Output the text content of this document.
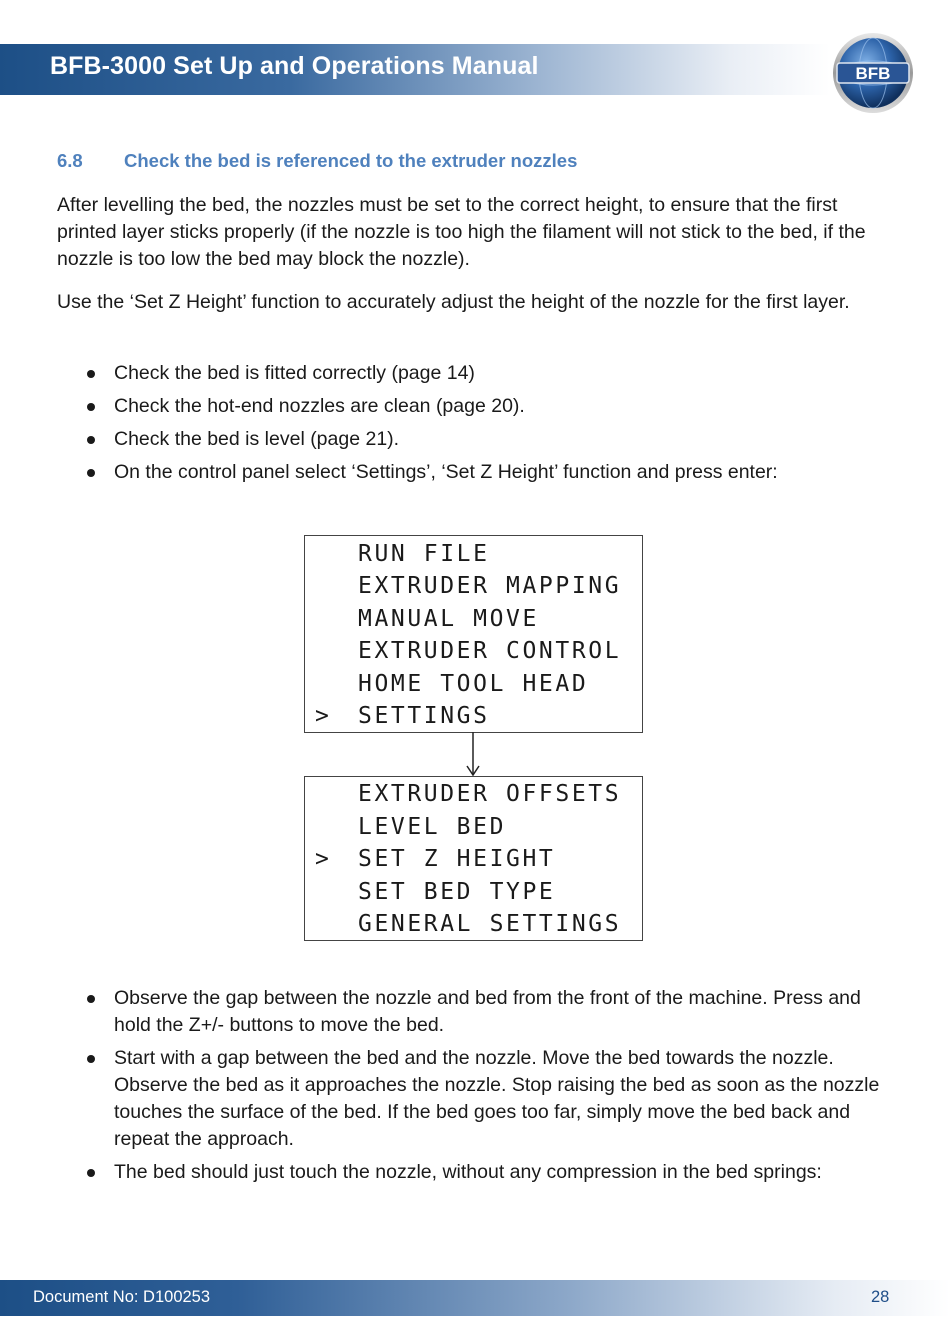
BFB-3000 Set Up and Operations Manual	BFB
6.8 Check the bed is referenced to the extruder nozzles

After levelling the bed, the nozzles must be set to the correct height, to ensure that the first printed layer sticks properly (if the nozzle is too high the filament will not stick to the bed, if the nozzle is too low the bed may block the nozzle).

Use the ‘Set Z Height’ function to accurately adjust the height of the nozzle for the first layer.

Check the bed is fitted correctly (page 14)
Check the hot-end nozzles are clean (page 20).
Check the bed is level (page 21).
On the control panel select ‘Settings’, ‘Set Z Height’ function and press enter:
RUN FILE
EXTRUDER MAPPING
MANUAL MOVE
EXTRUDER CONTROL
HOME TOOL HEAD
> SETTINGS
EXTRUDER OFFSETS
LEVEL BED
> SET Z HEIGHT
SET BED TYPE
GENERAL SETTINGS
Observe the gap between the nozzle and bed from the front of the machine. Press and hold the Z+/- buttons to move the bed.
Start with a gap between the bed and the nozzle. Move the bed towards the nozzle. Observe the bed as it approaches the nozzle. Stop raising the bed as soon as the nozzle touches the surface of the bed. If the bed goes too far, simply move the bed back and repeat the approach.
The bed should just touch the nozzle, without any compression in the bed springs:
Document No: D100253	28
